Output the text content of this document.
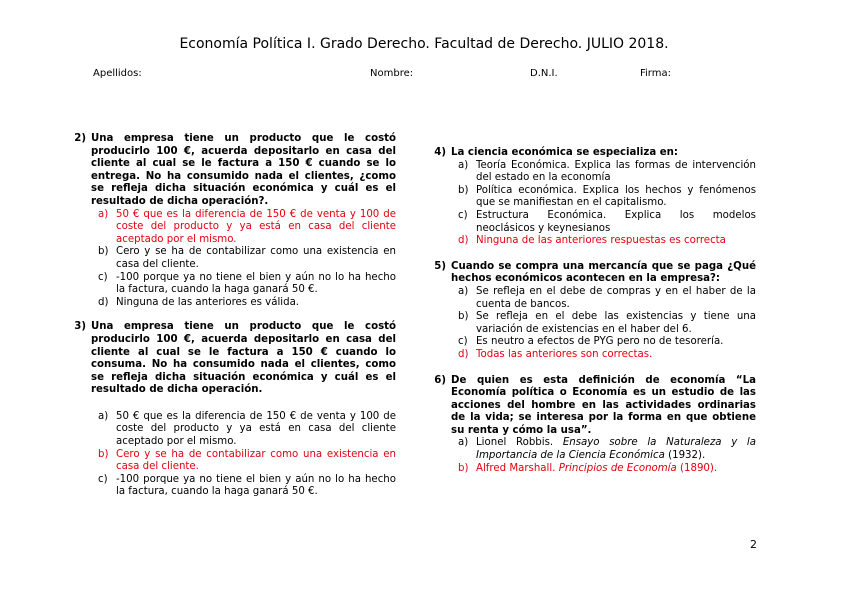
Economía Política I. Grado Derecho. Facultad de Derecho. JULIO 2018.
Apellidos:	Nombre:	D.N.I.	Firma:
2) Una empresa tiene un producto que le costó producirlo 100 €, acuerda depositarlo en casa del cliente al cual se le factura a 150 € cuando se lo entrega. No ha consumido nada el clientes, ¿como se refleja dicha situación económica y cuál es el resultado de dicha operación?.
a) 50 € que es la diferencia de 150 € de venta y 100 de coste del producto y ya está en casa del cliente aceptado por el mismo.
b) Cero y se ha de contabilizar como una existencia en casa del cliente.
c) -100 porque ya no tiene el bien y aún no lo ha hecho la factura, cuando la haga ganará 50 €.
d) Ninguna de las anteriores es válida.
3) Una empresa tiene un producto que le costó producirlo 100 €, acuerda depositarlo en casa del cliente al cual se le factura a 150 € cuando lo consuma. No ha consumido nada el clientes, como se refleja dicha situación económica y cuál es el resultado de dicha operación.
a) 50 € que es la diferencia de 150 € de venta y 100 de coste del producto y ya está en casa del cliente aceptado por el mismo.
b) Cero y se ha de contabilizar como una existencia en casa del cliente.
c) -100 porque ya no tiene el bien y aún no lo ha hecho la factura, cuando la haga ganará 50 €.
4) La ciencia económica se especializa en:
a) Teoría Económica. Explica las formas de intervención del estado en la economía
b) Política económica. Explica los hechos y fenómenos que se manifiestan en el capitalismo.
c) Estructura Económica. Explica los modelos neoclásicos y keynesianos
d) Ninguna de las anteriores respuestas es correcta
5) Cuando se compra una mercancía que se paga ¿Qué hechos económicos acontecen en la empresa?:
a) Se refleja en el debe de compras y en el haber de la cuenta de bancos.
b) Se refleja en el debe las existencias y tiene una variación de existencias en el haber del 6.
c) Es neutro a efectos de PYG pero no de tesorería.
d) Todas las anteriores son correctas.
6) De quien es esta definición de economía “La Economía política o Economía es un estudio de las acciones del hombre en las actividades ordinarias de la vida; se interesa por la forma en que obtiene su renta y cómo la usa”.
a) Lionel Robbis. Ensayo sobre la Naturaleza y la Importancia de la Ciencia Económica (1932).
b) Alfred Marshall. Principios de Economía (1890).
2
